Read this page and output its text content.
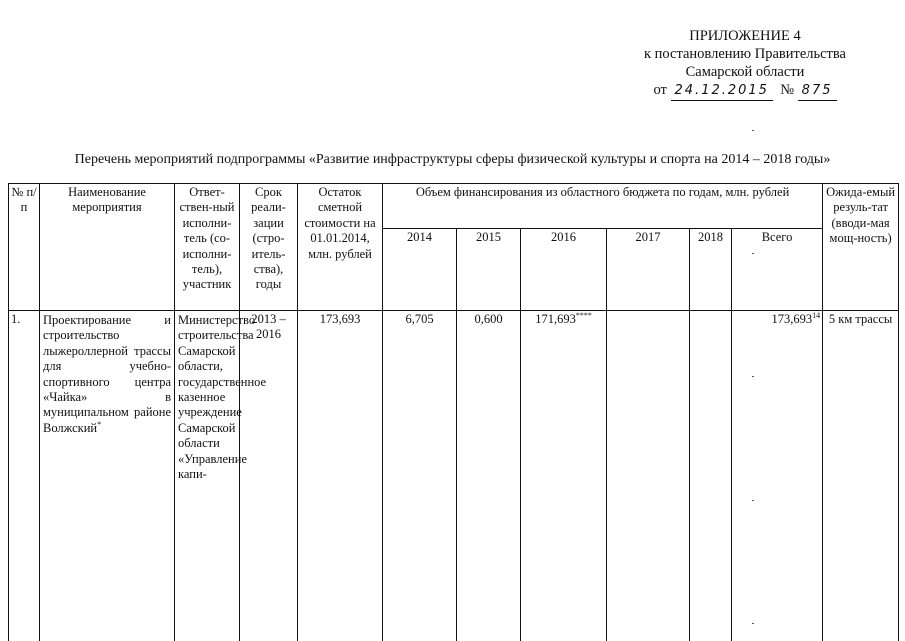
ПРИЛОЖЕНИЕ 4
к постановлению Правительства
Самарской области
от 24.12.2015 № 875
Перечень мероприятий подпрограммы «Развитие инфраструктуры сферы физической культуры и спорта на 2014 – 2018 годы»
№ п/п	Наименование мероприятия	Ответ-ствен-ный исполни-тель (со-исполни-тель), участник	Срок реали-зации (стро-итель-ства), годы	Остаток сметной стоимости на 01.01.2014, млн. рублей	Объем финансирования из областного бюджета по годам, млн. рублей						Ожида-емый резуль-тат (вводи-мая мощ-ность)
					2014	2015	2016	2017	2018	Всего	
1.	Проектирование и строительство лыжероллерной трассы для учебно-спортивного центра «Чайка» в муниципальном районе Волжский*	Министерство строительства Самарской области, государственное казенное учреждение Самарской области «Управление капи-	2013 – 2016	173,693	6,705	0,600	171,693****			173,693$^{14}$	5 км трассы
